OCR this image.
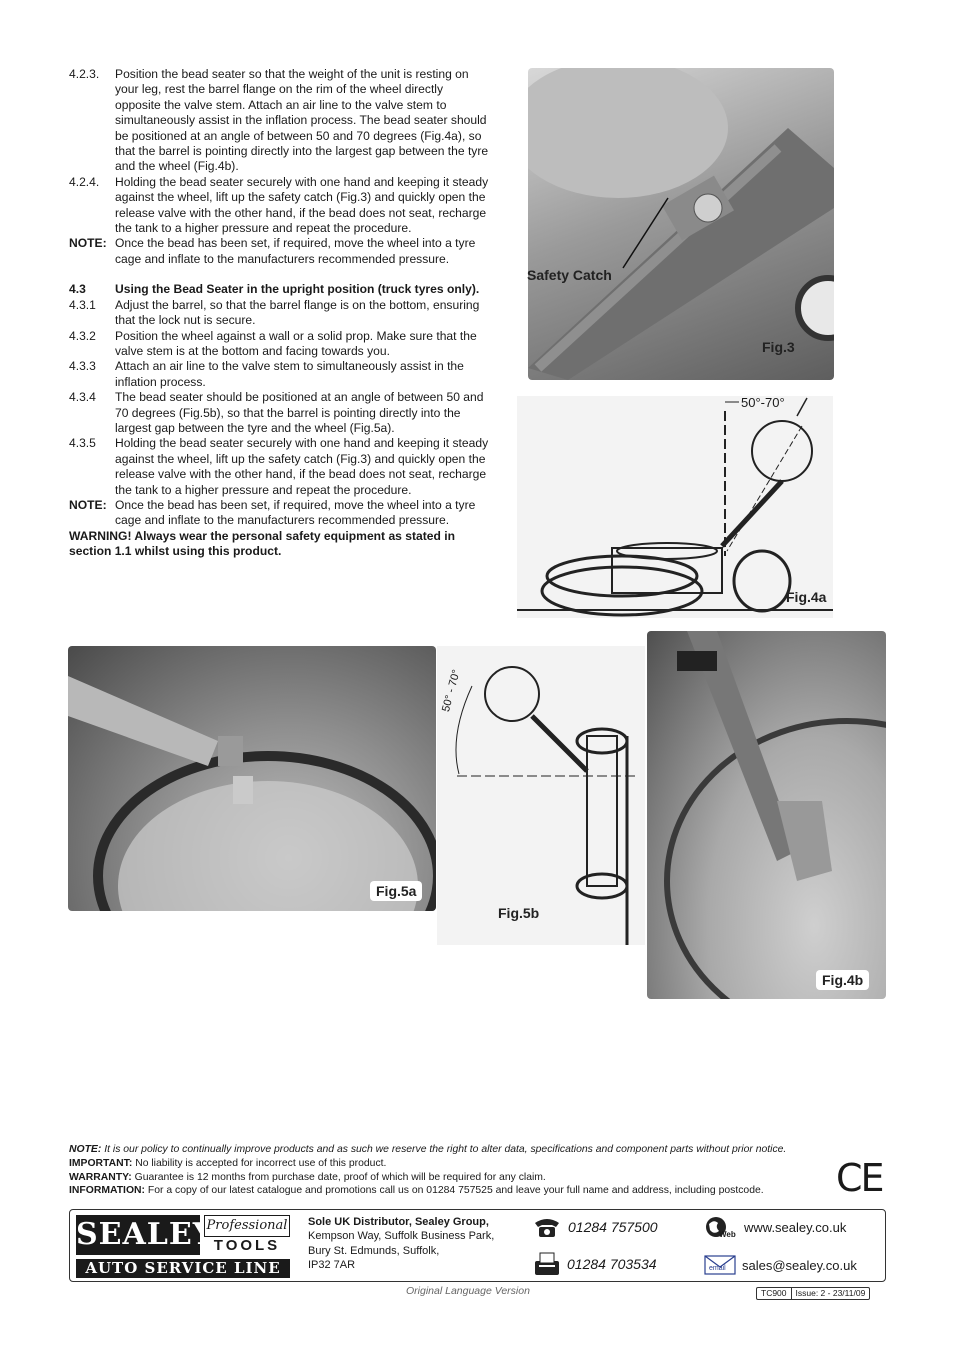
4.2.3.	Position the bead seater so that the weight of the unit is resting on your leg, rest the barrel flange on the rim of the wheel directly opposite the valve stem. Attach an air line to the valve stem to simultaneously assist in the inflation process. The bead seater should be positioned at an angle of between 50 and 70 degrees (Fig.4a), so that the barrel is pointing directly into the largest gap between the tyre and the wheel (Fig.4b).
4.2.4.	Holding the bead seater securely with one hand and keeping it steady against the wheel, lift up the safety catch (Fig.3) and quickly open the release valve with the other hand, if the bead does not seat, recharge the tank to a higher pressure and repeat the procedure.
NOTE: Once the bead has been set, if required, move the wheel into a tyre cage and inflate to the manufacturers recommended pressure.
4.3	Using the Bead Seater in the upright position (truck tyres only).
4.3.1	Adjust the barrel, so that the barrel flange is on the bottom, ensuring that the lock nut is secure.
4.3.2	Position the wheel against a wall or a solid prop. Make sure that the valve stem is at the bottom and facing towards you.
4.3.3	Attach an air line to the valve stem to simultaneously assist in the inflation process.
4.3.4	The bead seater should be positioned at an angle of between 50 and 70 degrees (Fig.5b), so that the barrel is pointing directly into the largest gap between the tyre and the wheel (Fig.5a).
4.3.5	Holding the bead seater securely with one hand and keeping it steady against the wheel, lift up the safety catch (Fig.3) and quickly open the release valve with the other hand, if the bead does not seat, recharge the tank to a higher pressure and repeat the procedure.
NOTE: Once the bead has been set, if required, move the wheel into a tyre cage and inflate to the manufacturers recommended pressure.
WARNING! Always wear the personal safety equipment as stated in section 1.1 whilst using this product.
Safety Catch
Fig.3
50°-70°
Fig.4a
Fig.5a
50° - 70°
Fig.5b
Fig.4b
NOTE: It is our policy to continually improve products and as such we reserve the right to alter data, specifications and component parts without prior notice.
IMPORTANT: No liability is accepted for incorrect use of this product.
WARRANTY: Guarantee is 12 months from purchase date, proof of which will be required for any claim.
INFORMATION: For a copy of our latest catalogue and promotions call us on 01284 757525 and leave your full name and address, including postcode.	CE
SEALEY
Professional
TOOLS
AUTO SERVICE LINE
Sole UK Distributor, Sealey Group,
Kempson Way, Suffolk Business Park,
Bury St. Edmunds, Suffolk,
IP32 7AR
01284 757500
01284 703534
Web www.sealey.co.uk
email sales@sealey.co.uk
Original Language Version	TC900	Issue: 2 - 23/11/09
